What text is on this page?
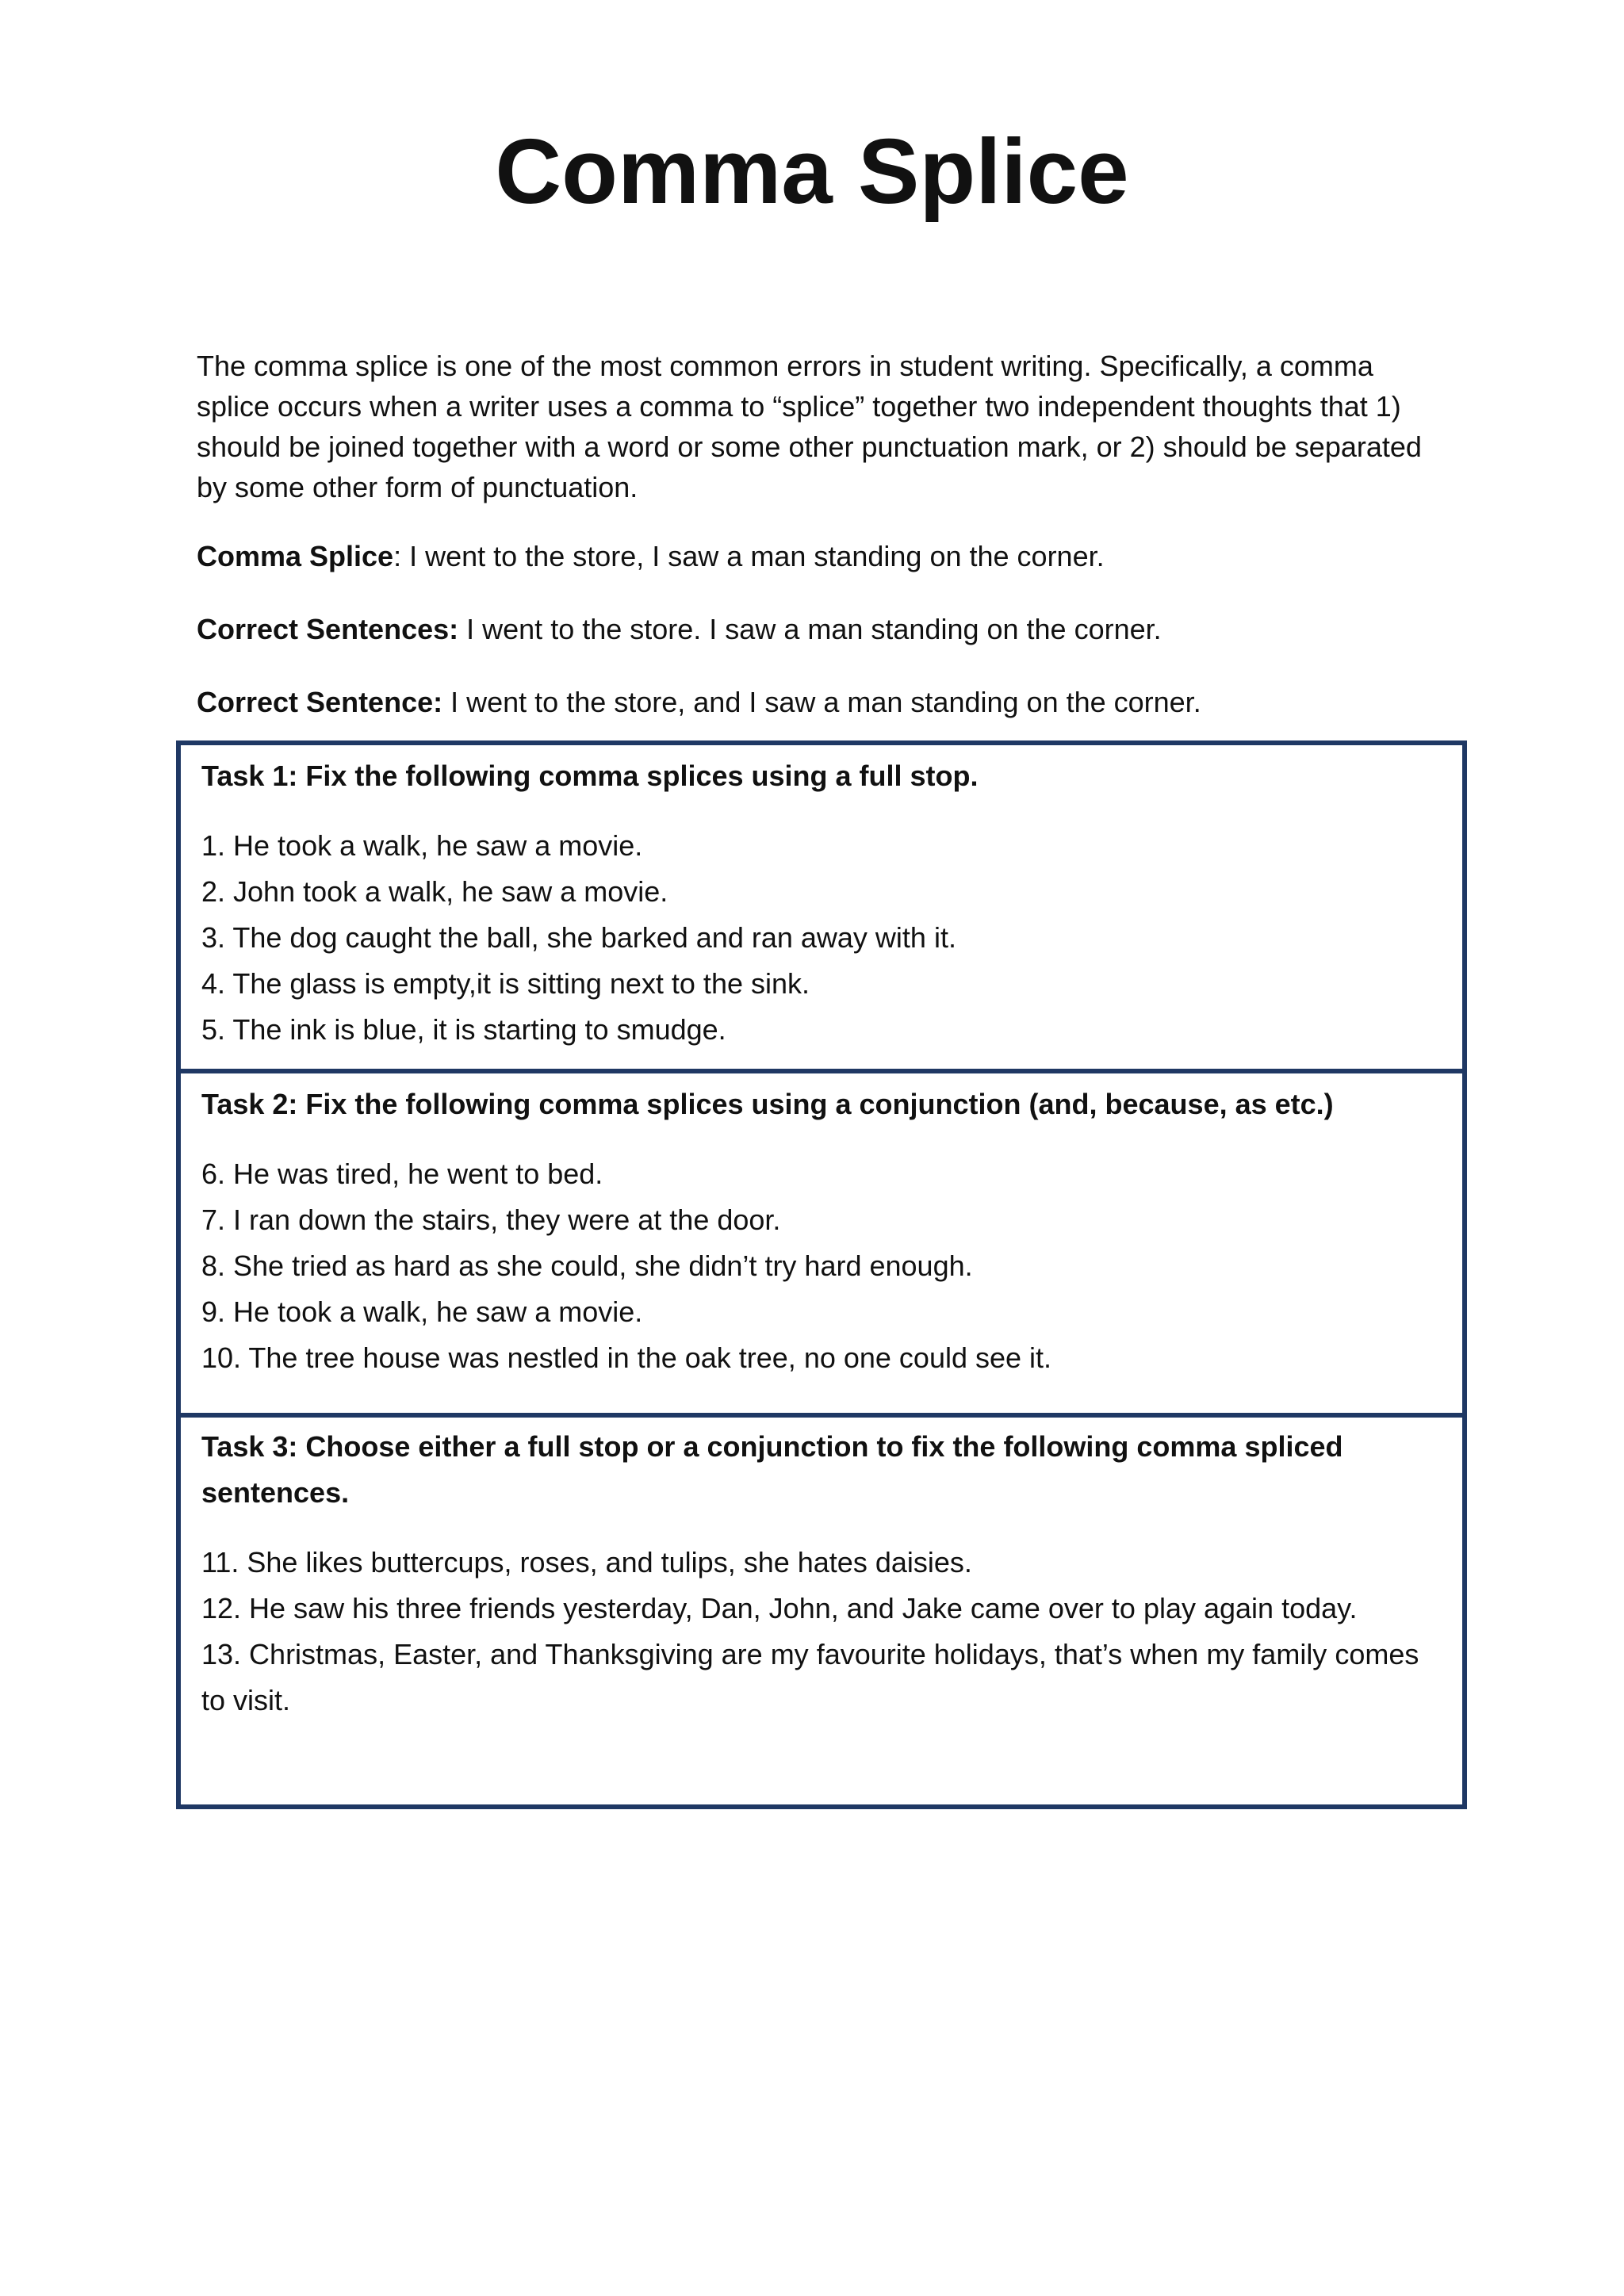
Comma Splice

The comma splice is one of the most common errors in student writing. Specifically, a comma splice occurs when a writer uses a comma to “splice” together two independent thoughts that 1) should be joined together with a word or some other punctuation mark, or 2) should be separated by some other form of punctuation.

Comma Splice: I went to the store, I saw a man standing on the corner.

Correct Sentences: I went to the store. I saw a man standing on the corner.

Correct Sentence: I went to the store, and I saw a man standing on the corner.

Task 1: Fix the following comma splices using a full stop.

1. He took a walk, he saw a movie.
2. John took a walk, he saw a movie.
3. The dog caught the ball, she barked and ran away with it.
4. The glass is empty,it is sitting next to the sink.
5. The ink is blue, it is starting to smudge.

Task 2: Fix the following comma splices using a conjunction (and, because, as etc.)

6. He was tired, he went to bed.
7. I ran down the stairs, they were at the door.
8. She tried as hard as she could, she didn’t try hard enough.
9. He took a walk, he saw a movie.
10. The tree house was nestled in the oak tree, no one could see it.

Task 3: Choose either a full stop or a conjunction to fix the following comma spliced sentences.

11. She likes buttercups, roses, and tulips, she hates daisies.
12. He saw his three friends yesterday, Dan, John, and Jake came over to play again today.
13. Christmas, Easter, and Thanksgiving are my favourite holidays, that’s when my family comes to visit.
